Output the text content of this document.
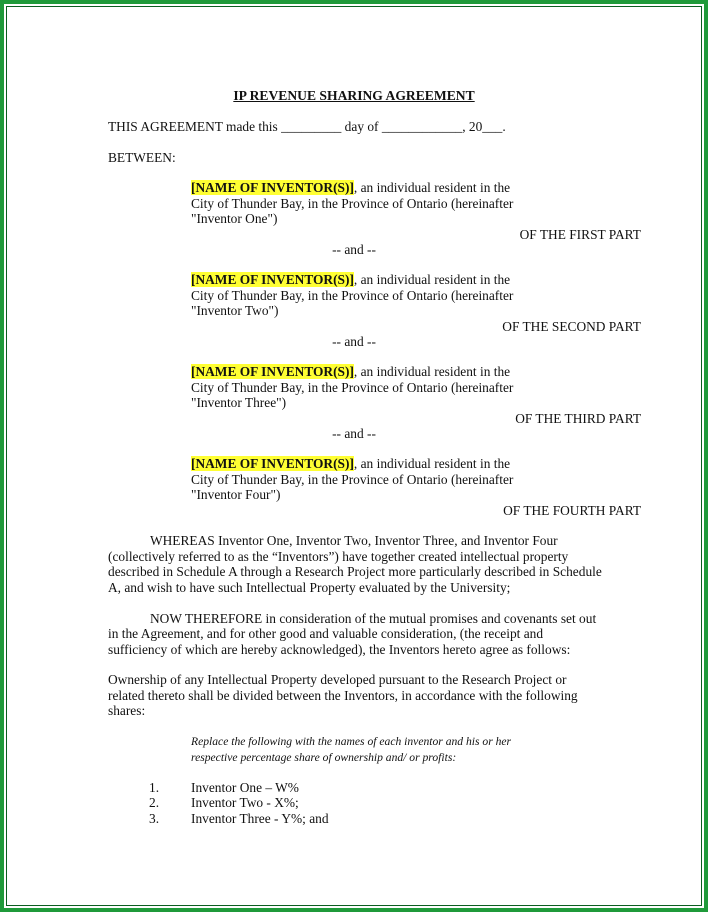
IP REVENUE SHARING AGREEMENT
THIS AGREEMENT made this _________ day of ____________, 20___.
BETWEEN:
[NAME OF INVENTOR(S)], an individual resident in the
City of Thunder Bay, in the Province of Ontario (hereinafter
"Inventor One")
OF THE FIRST PART
-- and --
[NAME OF INVENTOR(S)], an individual resident in the
City of Thunder Bay, in the Province of Ontario (hereinafter
"Inventor Two")
OF THE SECOND PART
-- and --
[NAME OF INVENTOR(S)], an individual resident in the
City of Thunder Bay, in the Province of Ontario (hereinafter
"Inventor Three")
OF THE THIRD PART
-- and --
[NAME OF INVENTOR(S)], an individual resident in the
City of Thunder Bay, in the Province of Ontario (hereinafter
"Inventor Four")
OF THE FOURTH PART
WHEREAS Inventor One, Inventor Two, Inventor Three, and Inventor Four
(collectively referred to as the “Inventors”) have together created intellectual property
described in Schedule A through a Research Project more particularly described in Schedule
A, and wish to have such Intellectual Property evaluated by the University;
NOW THEREFORE in consideration of the mutual promises and covenants set out
in the Agreement, and for other good and valuable consideration, (the receipt and
sufficiency of which are hereby acknowledged), the Inventors hereto agree as follows:
Ownership of any Intellectual Property developed pursuant to the Research Project or
related thereto shall be divided between the Inventors, in accordance with the following
shares:
Replace the following with the names of each inventor and his or her
respective percentage share of ownership and/ or profits:
1. Inventor One – W%
2. Inventor Two - X%;
3. Inventor Three - Y%; and
